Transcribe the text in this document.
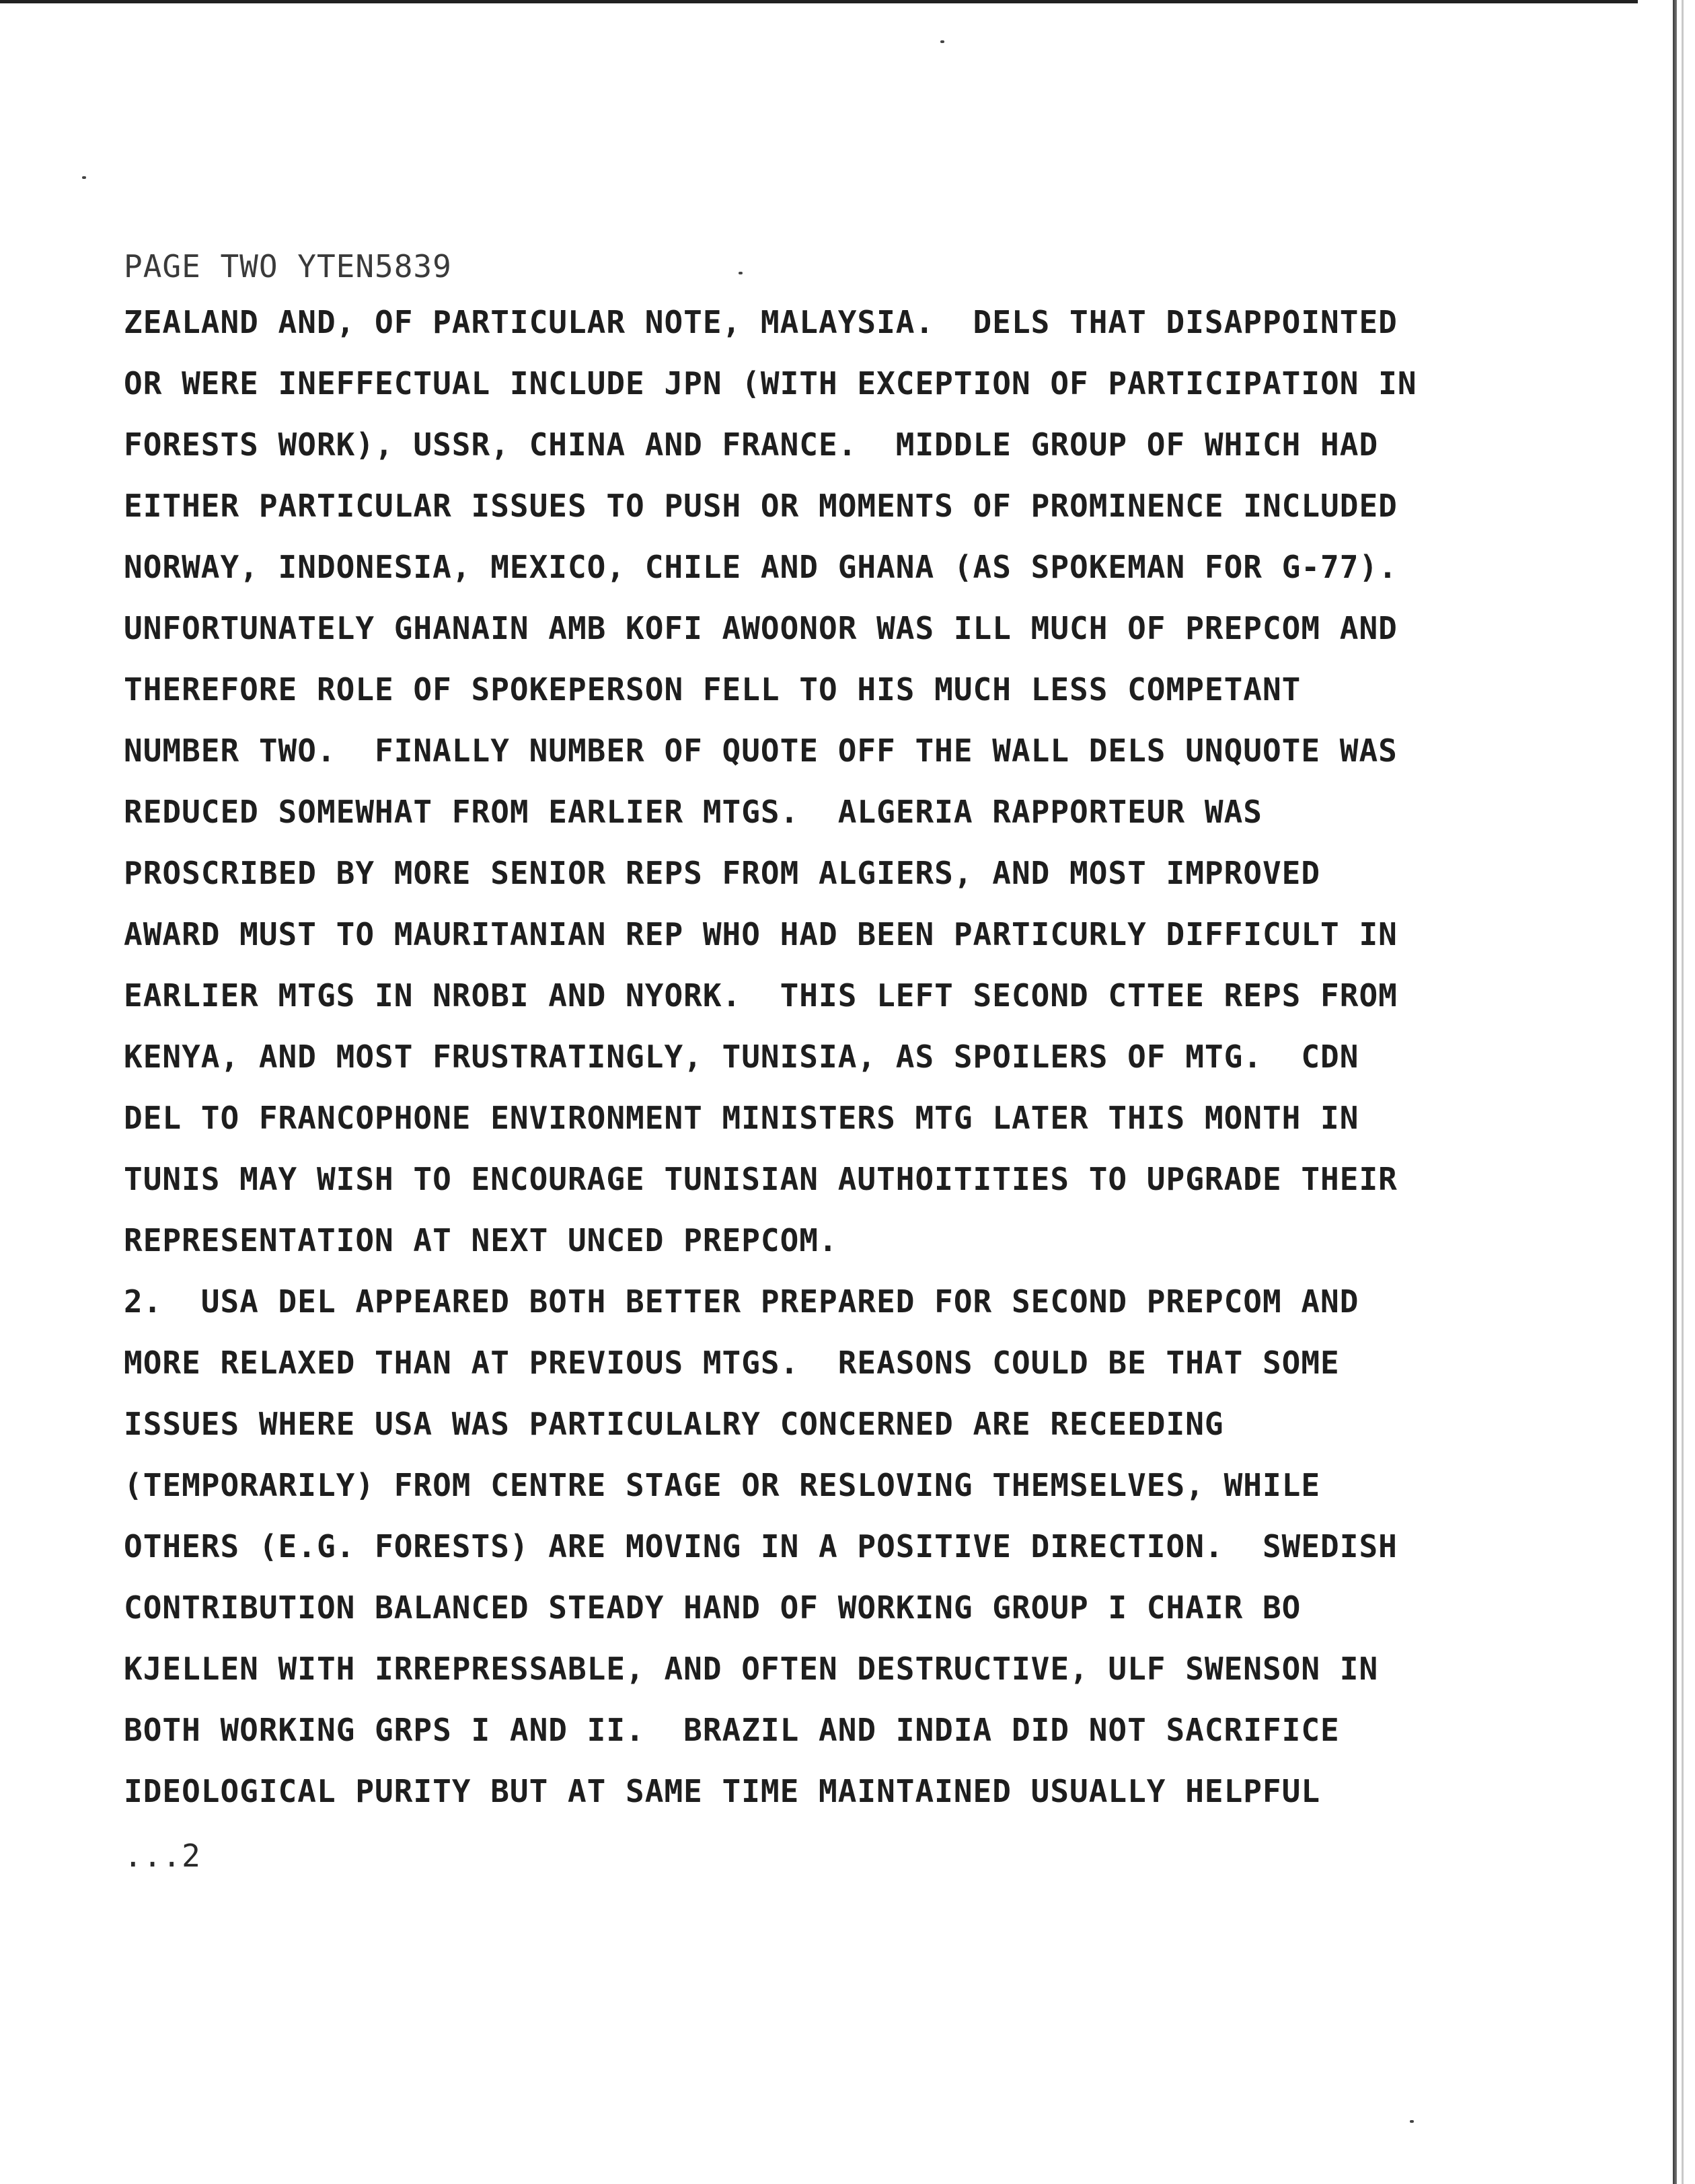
PAGE TWO YTEN5839
ZEALAND AND, OF PARTICULAR NOTE, MALAYSIA.  DELS THAT DISAPPOINTED
OR WERE INEFFECTUAL INCLUDE JPN (WITH EXCEPTION OF PARTICIPATION IN
FORESTS WORK), USSR, CHINA AND FRANCE.  MIDDLE GROUP OF WHICH HAD
EITHER PARTICULAR ISSUES TO PUSH OR MOMENTS OF PROMINENCE INCLUDED
NORWAY, INDONESIA, MEXICO, CHILE AND GHANA (AS SPOKEMAN FOR G-77).
UNFORTUNATELY GHANAIN AMB KOFI AWOONOR WAS ILL MUCH OF PREPCOM AND
THEREFORE ROLE OF SPOKEPERSON FELL TO HIS MUCH LESS COMPETANT
NUMBER TWO.  FINALLY NUMBER OF QUOTE OFF THE WALL DELS UNQUOTE WAS
REDUCED SOMEWHAT FROM EARLIER MTGS.  ALGERIA RAPPORTEUR WAS
PROSCRIBED BY MORE SENIOR REPS FROM ALGIERS, AND MOST IMPROVED
AWARD MUST TO MAURITANIAN REP WHO HAD BEEN PARTICURLY DIFFICULT IN
EARLIER MTGS IN NROBI AND NYORK.  THIS LEFT SECOND CTTEE REPS FROM
KENYA, AND MOST FRUSTRATINGLY, TUNISIA, AS SPOILERS OF MTG.  CDN
DEL TO FRANCOPHONE ENVIRONMENT MINISTERS MTG LATER THIS MONTH IN
TUNIS MAY WISH TO ENCOURAGE TUNISIAN AUTHOITITIES TO UPGRADE THEIR
REPRESENTATION AT NEXT UNCED PREPCOM.
2.  USA DEL APPEARED BOTH BETTER PREPARED FOR SECOND PREPCOM AND
MORE RELAXED THAN AT PREVIOUS MTGS.  REASONS COULD BE THAT SOME
ISSUES WHERE USA WAS PARTICULALRY CONCERNED ARE RECEEDING
(TEMPORARILY) FROM CENTRE STAGE OR RESLOVING THEMSELVES, WHILE
OTHERS (E.G. FORESTS) ARE MOVING IN A POSITIVE DIRECTION.  SWEDISH
CONTRIBUTION BALANCED STEADY HAND OF WORKING GROUP I CHAIR BO
KJELLEN WITH IRREPRESSABLE, AND OFTEN DESTRUCTIVE, ULF SWENSON IN
BOTH WORKING GRPS I AND II.  BRAZIL AND INDIA DID NOT SACRIFICE
IDEOLOGICAL PURITY BUT AT SAME TIME MAINTAINED USUALLY HELPFUL
...2
